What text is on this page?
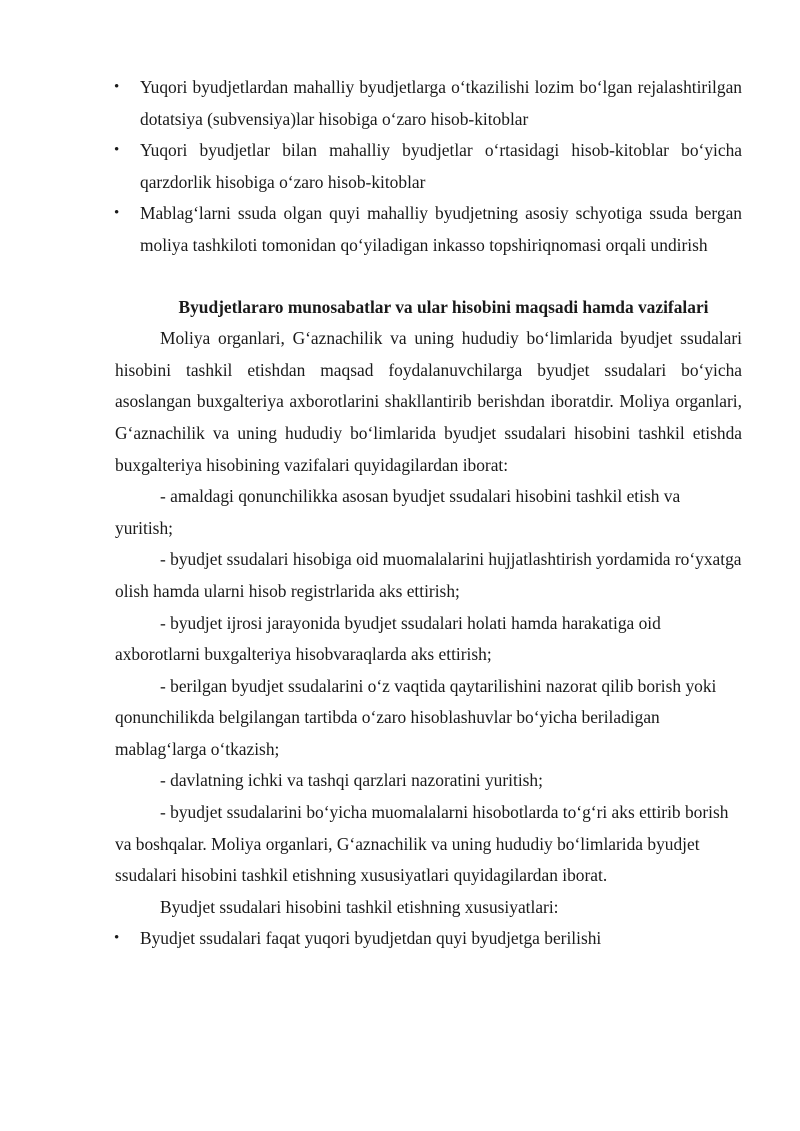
• Yuqori byudjetlardan mahalliy byudjetlarga o‘tkazilishi lozim bo‘lgan rejalashtirilgan dotatsiya (subvensiya)lar hisobiga o‘zaro hisob-kitoblar
• Yuqori byudjetlar bilan mahalliy byudjetlar o‘rtasidagi hisob-kitoblar bo‘yicha qarzdorlik hisobiga o‘zaro hisob-kitoblar
• Mablag‘larni ssuda olgan quyi mahalliy byudjetning asosiy schyotiga ssuda bergan moliya tashkiloti tomonidan qo‘yiladigan inkasso topshiriqnomasi orqali undirish

Byudjetlararo munosabatlar va ular hisobini maqsadi hamda vazifalari

Moliya organlari, G‘aznachilik va uning hududiy bo‘limlarida byudjet ssudalari hisobini tashkil etishdan maqsad foydalanuvchilarga byudjet ssudalari bo‘yicha asoslangan buxgalteriya axborotlarini shakllantirib berishdan iboratdir. Moliya organlari, G‘aznachilik va uning hududiy bo‘limlarida byudjet ssudalari hisobini tashkil etishda buxgalteriya hisobining vazifalari quyidagilardan iborat:

- amaldagi qonunchilikka asosan byudjet ssudalari hisobini tashkil etish va yuritish;

- byudjet ssudalari hisobiga oid muomalalarini hujjatlashtirish yordamida ro‘yxatga olish hamda ularni hisob registrlarida aks ettirish;

- byudjet ijrosi jarayonida byudjet ssudalari holati hamda harakatiga oid axborotlarni buxgalteriya hisobvaraqlarda aks ettirish;

- berilgan byudjet ssudalarini o‘z vaqtida qaytarilishini nazorat qilib borish yoki qonunchilikda belgilangan tartibda o‘zaro hisoblashuvlar bo‘yicha beriladigan mablag‘larga o‘tkazish;

- davlatning ichki va tashqi qarzlari nazoratini yuritish;

- byudjet ssudalarini bo‘yicha muomalalarni hisobotlarda to‘g‘ri aks ettirib borish va boshqalar. Moliya organlari, G‘aznachilik va uning hududiy bo‘limlarida byudjet ssudalari hisobini tashkil etishning xususiyatlari quyidagilardan iborat.

Byudjet ssudalari hisobini tashkil etishning xususiyatlari:

• Byudjet ssudalari faqat yuqori byudjetdan quyi byudjetga berilishi
